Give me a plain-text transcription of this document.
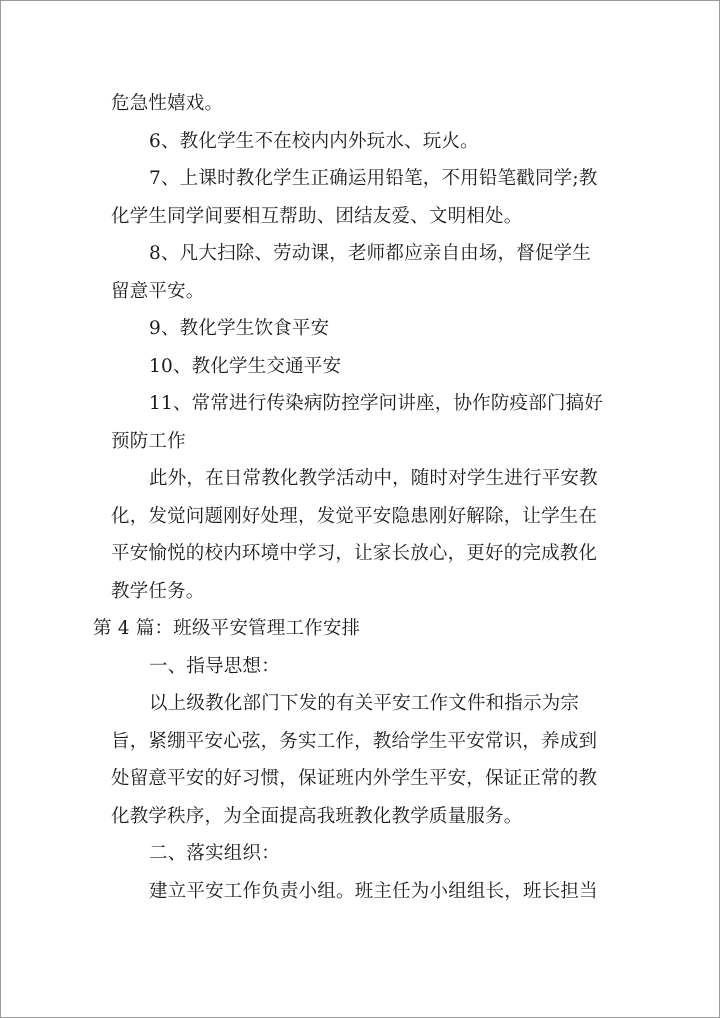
危急性嬉戏。
6、教化学生不在校内内外玩水、玩火。
7、上课时教化学生正确运用铅笔，不用铅笔戳同学;教
化学生同学间要相互帮助、团结友爱、文明相处。
8、凡大扫除、劳动课，老师都应亲自由场，督促学生
留意平安。
9、教化学生饮食平安
10、教化学生交通平安
11、常常进行传染病防控学问讲座，协作防疫部门搞好
预防工作
此外，在日常教化教学活动中，随时对学生进行平安教
化，发觉问题刚好处理，发觉平安隐患刚好解除，让学生在
平安愉悦的校内环境中学习，让家长放心，更好的完成教化
教学任务。
第 4 篇：班级平安管理工作安排
一、指导思想：
以上级教化部门下发的有关平安工作文件和指示为宗
旨，紧绷平安心弦，务实工作，教给学生平安常识，养成到
处留意平安的好习惯，保证班内外学生平安，保证正常的教
化教学秩序，为全面提高我班教化教学质量服务。
二、落实组织：
建立平安工作负责小组。班主任为小组组长，班长担当
